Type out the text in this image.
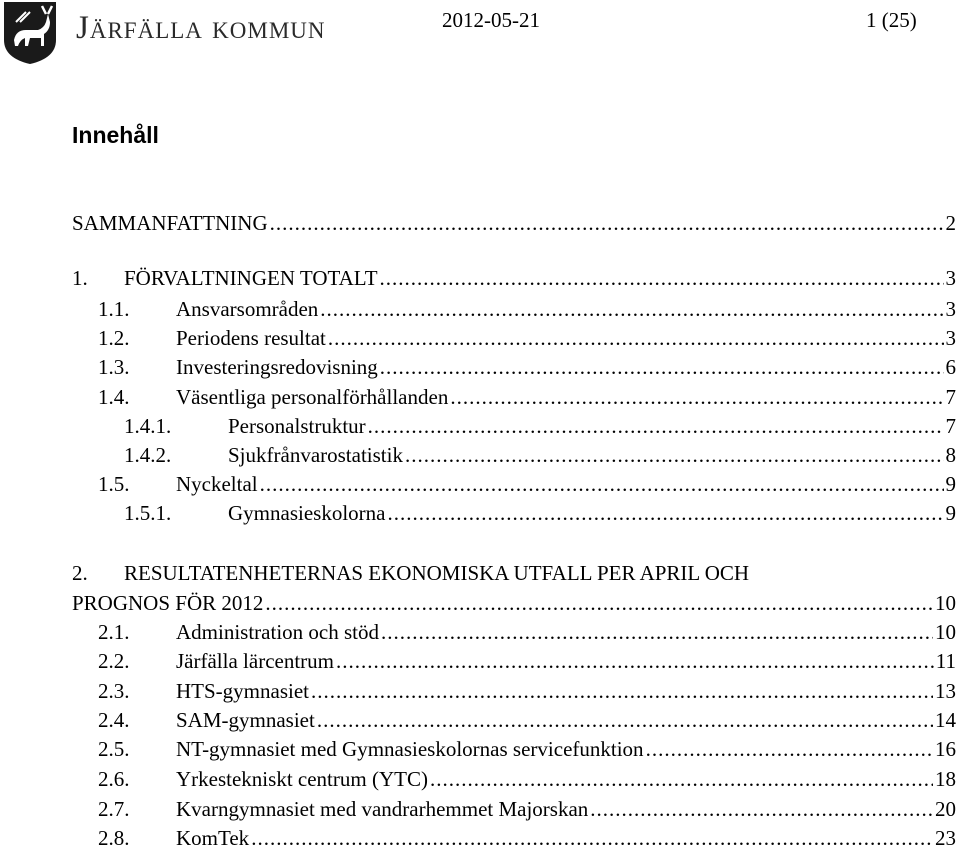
Järfälla kommun	2012-05-21	1 (25)
Innehåll
SAMMANFATTNING .....	2
1.	FÖRVALTNINGEN TOTALT .....	3
1.1.	Ansvarsområden .....	3
1.2.	Periodens resultat .....	3
1.3.	Investeringsredovisning .....	6
1.4.	Väsentliga personalförhållanden .....	7
1.4.1.	Personalstruktur .....	7
1.4.2.	Sjukfrånvarostatistik .....	8
1.5.	Nyckeltal .....	9
1.5.1.	Gymnasieskolorna .....	9
2.	RESULTATENHETERNAS EKONOMISKA UTFALL PER APRIL OCH
PROGNOS FÖR 2012 .....	10
2.1.	Administration och stöd .....	10
2.2.	Järfälla lärcentrum .....	11
2.3.	HTS-gymnasiet .....	13
2.4.	SAM-gymnasiet .....	14
2.5.	NT-gymnasiet med Gymnasieskolornas servicefunktion .....	16
2.6.	Yrkestekniskt centrum (YTC) .....	18
2.7.	Kvarngymnasiet med vandrarhemmet Majorskan .....	20
2.8.	KomTek .....	23
